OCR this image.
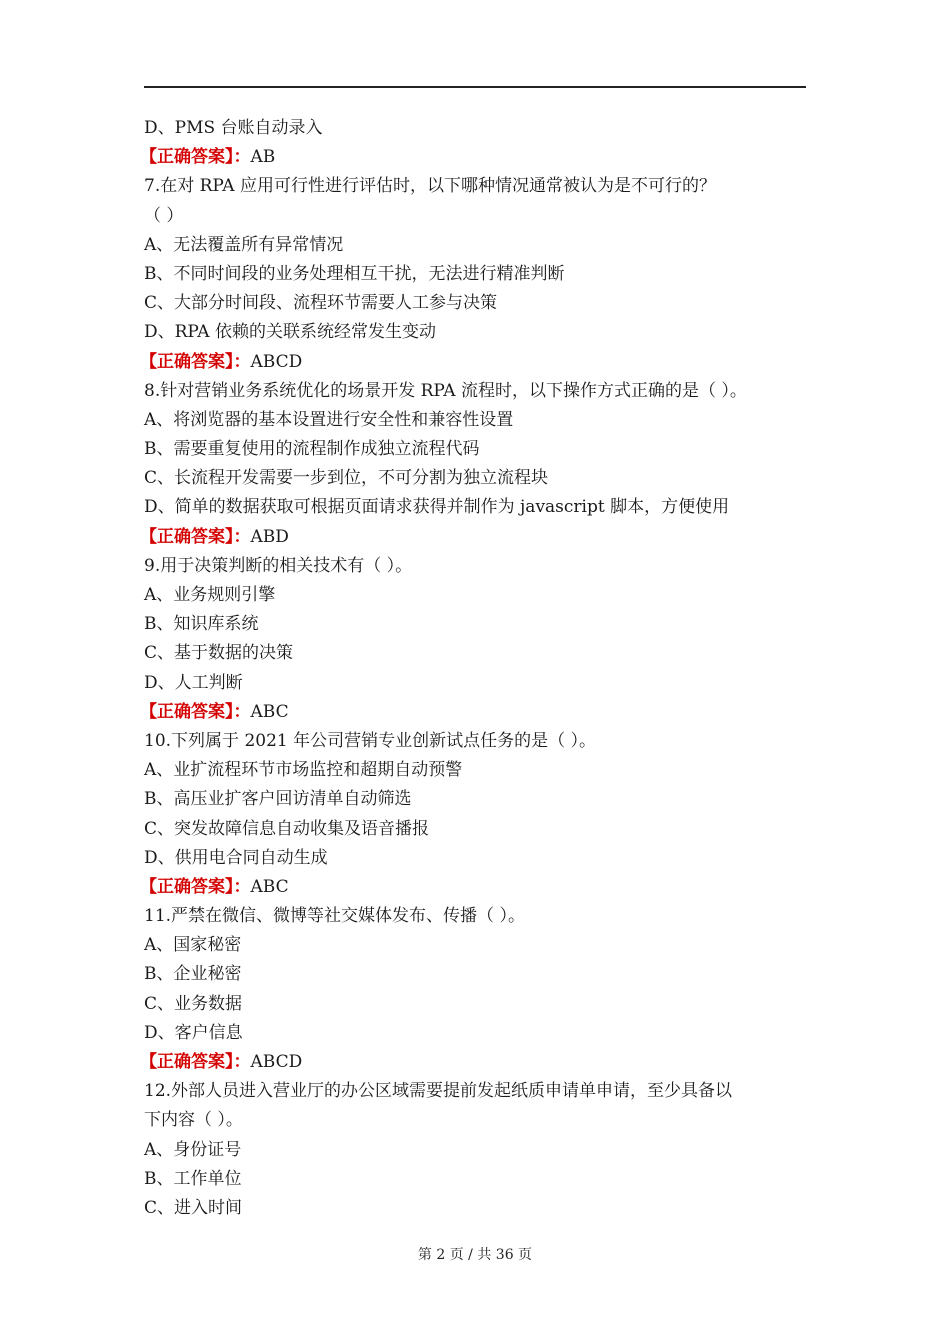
D、PMS 台账自动录入
【正确答案】：AB
7.在对 RPA 应用可行性进行评估时，以下哪种情况通常被认为是不可行的？
（ ）
A、无法覆盖所有异常情况
B、不同时间段的业务处理相互干扰，无法进行精准判断
C、大部分时间段、流程环节需要人工参与决策
D、RPA 依赖的关联系统经常发生变动
【正确答案】：ABCD
8.针对营销业务系统优化的场景开发 RPA 流程时，以下操作方式正确的是（ ）。
A、将浏览器的基本设置进行安全性和兼容性设置
B、需要重复使用的流程制作成独立流程代码
C、长流程开发需要一步到位，不可分割为独立流程块
D、简单的数据获取可根据页面请求获得并制作为 javascript 脚本，方便使用
【正确答案】：ABD
9.用于决策判断的相关技术有（ ）。
A、业务规则引擎
B、知识库系统
C、基于数据的决策
D、人工判断
【正确答案】：ABC
10.下列属于 2021 年公司营销专业创新试点任务的是（ ）。
A、业扩流程环节市场监控和超期自动预警
B、高压业扩客户回访清单自动筛选
C、突发故障信息自动收集及语音播报
D、供用电合同自动生成
【正确答案】：ABC
11.严禁在微信、微博等社交媒体发布、传播（ ）。
A、国家秘密
B、企业秘密
C、业务数据
D、客户信息
【正确答案】：ABCD
12.外部人员进入营业厅的办公区域需要提前发起纸质申请单申请，至少具备以
下内容（ ）。
A、身份证号
B、工作单位
C、进入时间
第 2 页 / 共 36 页
